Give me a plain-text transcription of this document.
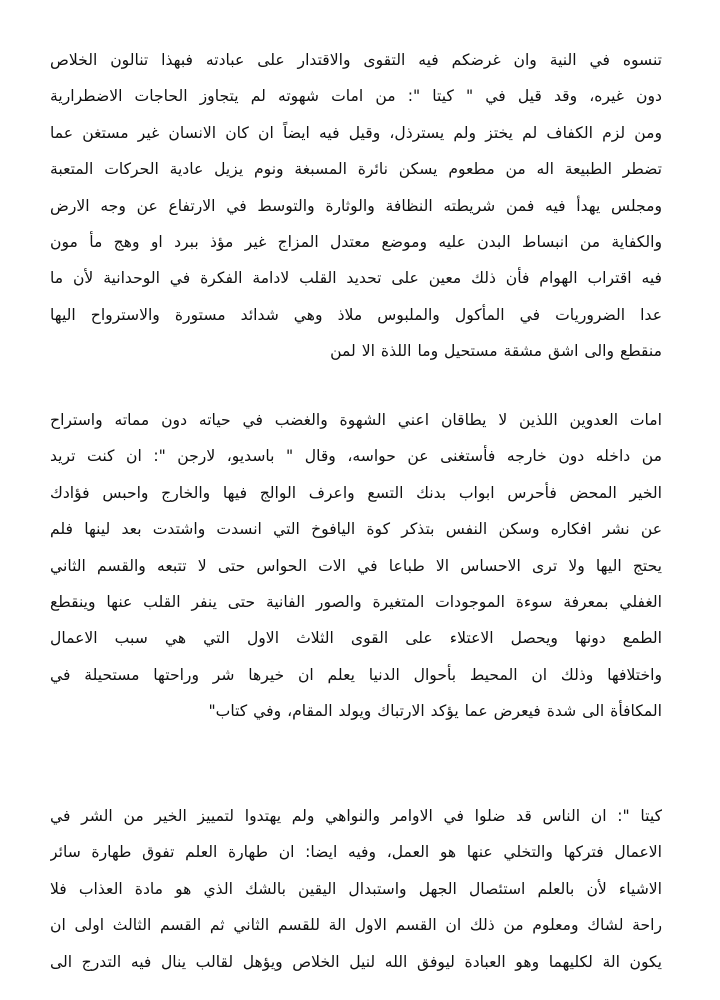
تنسوه في النية وان غرضكم فيه التقوى والاقتدار على عبادته فبهذا تنالون الخلاص
دون غيره، وقد قيل في " كيتا ": من امات شهوته لم يتجاوز الحاجات الاضطرارية
ومن لزم الكفاف لم يختز ولم يسترذل، وقيل فيه ايضاً ان كان الانسان غير مستغن عما
تضطر الطبيعة اله من مطعوم يسكن نائرة المسبغة ونوم يزيل عادية الحركات المتعبة
ومجلس يهدأ فيه فمن شريطته النظافة والوثارة والتوسط في الارتفاع عن وجه الارض
والكفاية من انبساط البدن عليه وموضع معتدل المزاج غير مؤذ ببرد او وهج مأ مون
فيه اقتراب الهوام فأن ذلك معين على تحديد القلب لادامة الفكرة في الوحدانية لأن ما
عدا الضروريات في المأكول والملبوس ملاذ وهي شدائد مستورة والاسترواح اليها
منقطع والى اشق مشقة مستحيل وما اللذة الا لمن
امات العدوين اللذين لا يطاقان اعني الشهوة والغضب في حياته دون مماته واستراح
من داخله دون خارجه فأستغنى عن حواسه، وقال " باسديو، لارجن ": ان كنت تريد
الخير المحض فأحرس ابواب بدنك التسع واعرف الوالج فيها والخارج واحبس فؤادك
عن نشر افكاره وسكن النفس بتذكر كوة اليافوخ التي انسدت واشتدت بعد لينها فلم
يحتج اليها ولا ترى الاحساس الا طباعا في الات الحواس حتى لا تتبعه والقسم الثاني
الغفلي بمعرفة سوءة الموجودات المتغيرة والصور الفانية حتى ينفر القلب عنها وينقطع
الطمع دونها ويحصل الاعتلاء على القوى الثلاث الاول التي هي سبب الاعمال
واختلافها وذلك ان المحيط بأحوال الدنيا يعلم ان خيرها شر وراحتها مستحيلة في
المكافأة الى شدة فيعرض عما يؤكد الارتباك ويولد المقام، وفي كتاب"
كيتا ": ان الناس قد ضلوا في الاوامر والنواهي ولم يهتدوا لتمييز الخير من الشر في
الاعمال فتركها والتخلي عنها هو العمل، وفيه ايضا: ان طهارة العلم تفوق طهارة سائر
الاشياء لأن بالعلم استئصال الجهل واستبدال اليقين بالشك الذي هو مادة العذاب فلا
راحة لشاك ومعلوم من ذلك ان القسم الاول الة للقسم الثاني ثم القسم الثالث اولى ان
يكون الة لكليهما وهو العبادة ليوفق الله لنيل الخلاص ويؤهل لقالب ينال فيه التدرج الى
